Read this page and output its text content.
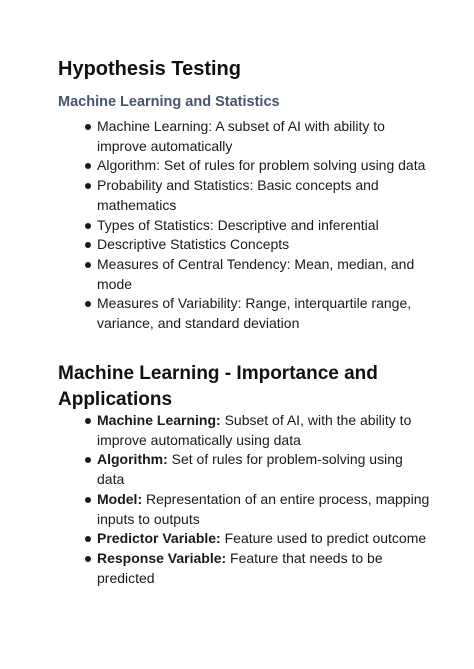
Hypothesis Testing
Machine Learning and Statistics
Machine Learning: A subset of AI with ability to improve automatically
Algorithm: Set of rules for problem solving using data
Probability and Statistics: Basic concepts and mathematics
Types of Statistics: Descriptive and inferential
Descriptive Statistics Concepts
Measures of Central Tendency: Mean, median, and mode
Measures of Variability: Range, interquartile range, variance, and standard deviation
Machine Learning - Importance and Applications
Machine Learning: Subset of AI, with the ability to improve automatically using data
Algorithm: Set of rules for problem-solving using data
Model: Representation of an entire process, mapping inputs to outputs
Predictor Variable: Feature used to predict outcome
Response Variable: Feature that needs to be predicted
